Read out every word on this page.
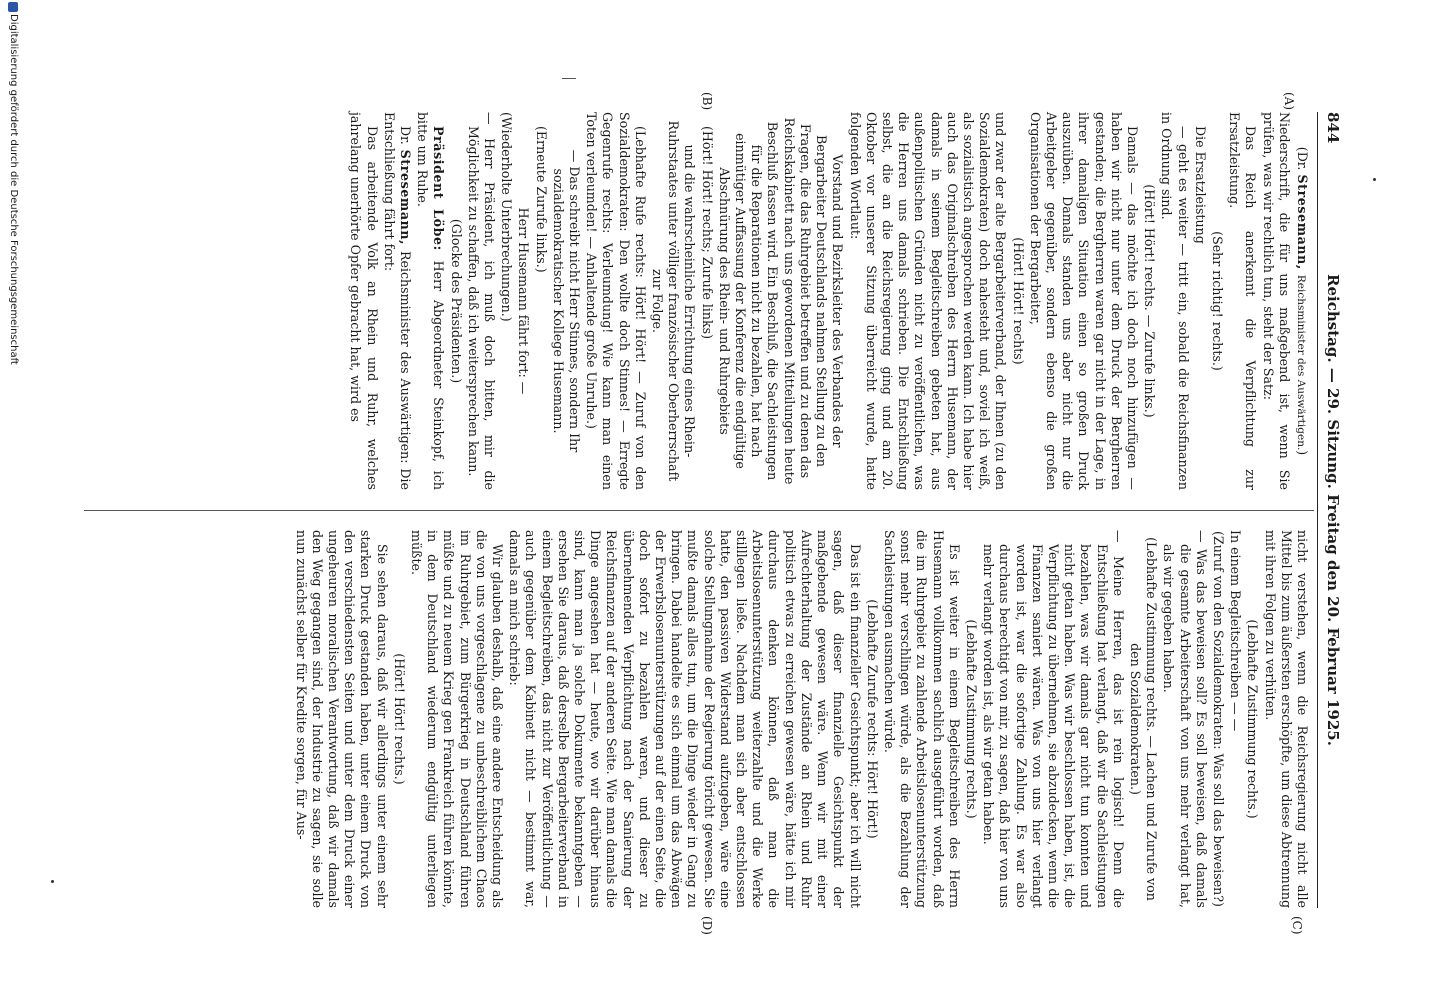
844
Reichstag. — 29. Sitzung. Freitag den 20. Februar 1925.
(A)
(B)
(C)
(D)

(Dr. Stresemann, Reichsminister des Auswärtigen.)

Niederschrift, die für uns maßgebend ist, wenn Sie prüfen, was wir rechtlich tun, steht der Satz:

Das Reich anerkennt die Verpflichtung zur Ersatzleistung.

(Sehr richtig! rechts.)

Die Ersatzleistung

— geht es weiter — tritt ein, sobald die Reichsfinanzen in Ordnung sind.

(Hört! Hört! rechts. — Zurufe links.)

Damals — das möchte ich doch noch hinzufügen — haben wir nicht nur unter dem Druck der Bergherren gestanden; die Bergherren waren gar nicht in der Lage, in ihrer damaligen Situation einen so großen Druck auszuüben. Damals standen uns aber nicht nur die Arbeitgeber gegenüber, sondern ebenso die großen Organisationen der Bergarbeiter,

(Hört! Hört! rechts)

und zwar der alte Bergarbeiterverband, der Ihnen (zu den Sozialdemokraten) doch nahesteht und, soviel ich weiß, als sozialistisch angesprochen werden kann. Ich habe hier auch das Originalschreiben des Herrn Husemann, der damals in seinem Begleitschreiben gebeten hat, aus außenpolitischen Gründen nicht zu veröffentlichen, was die Herren uns damals schrieben. Die Entschließung selbst, die an die Reichsregierung ging und am 20. Oktober vor unserer Sitzung überreicht wurde, hatte folgenden Wortlaut:

Vorstand und Bezirksleiter des Verbandes der Bergarbeiter Deutschlands nahmen Stellung zu den Fragen, die das Ruhrgebiet betreffen und zu denen das Reichskabinett nach uns gewordenen Mitteilungen heute Beschluß fassen wird. Ein Beschluß, die Sachleistungen für die Reparationen nicht zu bezahlen, hat nach einmütiger Auffassung der Konferenz die endgültige Abschnürung des Rhein- und Ruhrgebiets

(Hört! Hört! rechts; Zurufe links)

und die wahrscheinliche Errichtung eines Rhein-Ruhrstaates unter völliger französischer Oberherrschaft zur Folge.

(Lebhafte Rufe rechts: Hört! Hört! — Zuruf von den Sozialdemokraten: Den wollte doch Stinnes! — Erregte Gegenrufe rechts: Verleumdung! Wie kann man einen Toten verleumden! — Anhaltende große Unruhe.)

— Das schreibt nicht Herr Stinnes, sondern Ihr sozialdemokratischer Kollege Husemann.

(Erneute Zurufe links.)

Herr Husemann fährt fort: —

(Wiederholte Unterbrechungen.)

— Herr Präsident, ich muß doch bitten, mir die Möglichkeit zu schaffen, daß ich weitersprechen kann.

(Glocke des Präsidenten.)

Präsident Löbe: Herr Abgeordneter Steinkopf, ich bitte um Ruhe.

Dr. Stresemann, Reichsminister des Auswärtigen: Die Entschließung fährt fort:

Das arbeitende Volk an Rhein und Ruhr, welches jahrelang unerhörte Opfer gebracht hat, wird es

nicht verstehen, wenn die Reichsregierung nicht alle Mittel bis zum äußersten erschöpfte, um diese Abtrennung mit ihren Folgen zu verhüten.

(Lebhafte Zustimmung rechts.)

In einem Begleitschreiben — —

(Zuruf von den Sozialdemokraten: Was soll das beweisen?)

— Was das beweisen soll? Es soll beweisen, daß damals die gesamte Arbeiterschaft von uns mehr verlangt hat, als wir gegeben haben.

(Lebhafte Zustimmung rechts. — Lachen und Zurufe von den Sozialdemokraten.)

— Meine Herren, das ist rein logisch! Denn die Entschließung hat verlangt, daß wir die Sachleistungen bezahlen, was wir damals gar nicht tun konnten und nicht getan haben. Was wir beschlossen haben, ist, die Verpflichtung zu übernehmen, sie abzudecken, wenn die Finanzen saniert wären. Was von uns hier verlangt worden ist, war die sofortige Zahlung. Es war also durchaus berechtigt von mir, zu sagen, daß hier von uns mehr verlangt worden ist, als wir getan haben.

(Lebhafte Zustimmung rechts.)

Es ist weiter in einem Begleitschreiben des Herrn Husemann vollkommen sachlich ausgeführt worden, daß die im Ruhrgebiet zu zahlende Arbeitslosenunterstützung sonst mehr verschlingen würde, als die Bezahlung der Sachleistungen ausmachen würde.

(Lebhafte Zurufe rechts: Hört! Hört!)

Das ist ein finanzieller Gesichtspunkt; aber ich will nicht sagen, daß dieser finanzielle Gesichtspunkt der maßgebende gewesen wäre. Wenn wir mit einer Aufrechterhaltung der Zustände an Rhein und Ruhr politisch etwas zu erreichen gewesen wäre, hätte ich mir durchaus denken können, daß man die Arbeitslosenunterstützung weiterzahlte und die Werke stilllegen ließe. Nachdem man sich aber entschlossen hatte, den passiven Widerstand aufzugeben, wäre eine solche Stellungnahme der Regierung töricht gewesen. Sie mußte damals alles tun, um die Dinge wieder in Gang zu bringen. Dabei handelte es sich einmal um das Abwägen der Erwerbslosenunterstützungen auf der einen Seite, die doch sofort zu bezahlen waren, und dieser zu übernehmenden Verpflichtung nach der Sanierung der Reichsfinanzen auf der anderen Seite. Wie man damals die Dinge angesehen hat — heute, wo wir darüber hinaus sind, kann man ja solche Dokumente bekanntgeben — ersehen Sie daraus, daß derselbe Bergarbeiterverband in einem Begleitschreiben, das nicht zur Veröffentlichung — auch gegenüber dem Kabinett nicht — bestimmt war, damals an mich schrieb:

Wir glauben deshalb, daß eine andere Entscheidung als die von uns vorgeschlagene zu unbeschreiblichem Chaos im Ruhrgebiet, zum Bürgerkrieg in Deutschland führen müßte und zu neuem Krieg gen Frankreich führen könnte, in dem Deutschland wiederum endgültig unterliegen müßte.

(Hört! Hört! rechts.)

Sie sehen daraus, daß wir allerdings unter einem sehr starken Druck gestanden haben, unter einem Druck von den verschiedensten Seiten und unter dem Druck einer ungeheuren moralischen Verantwortung, daß wir damals den Weg gegangen sind, der Industrie zu sagen, sie solle nun zunächst selber für Kredite sorgen, für Aus-

Digitalisierung gefördert durch die Deutsche Forschungsgemeinschaft
